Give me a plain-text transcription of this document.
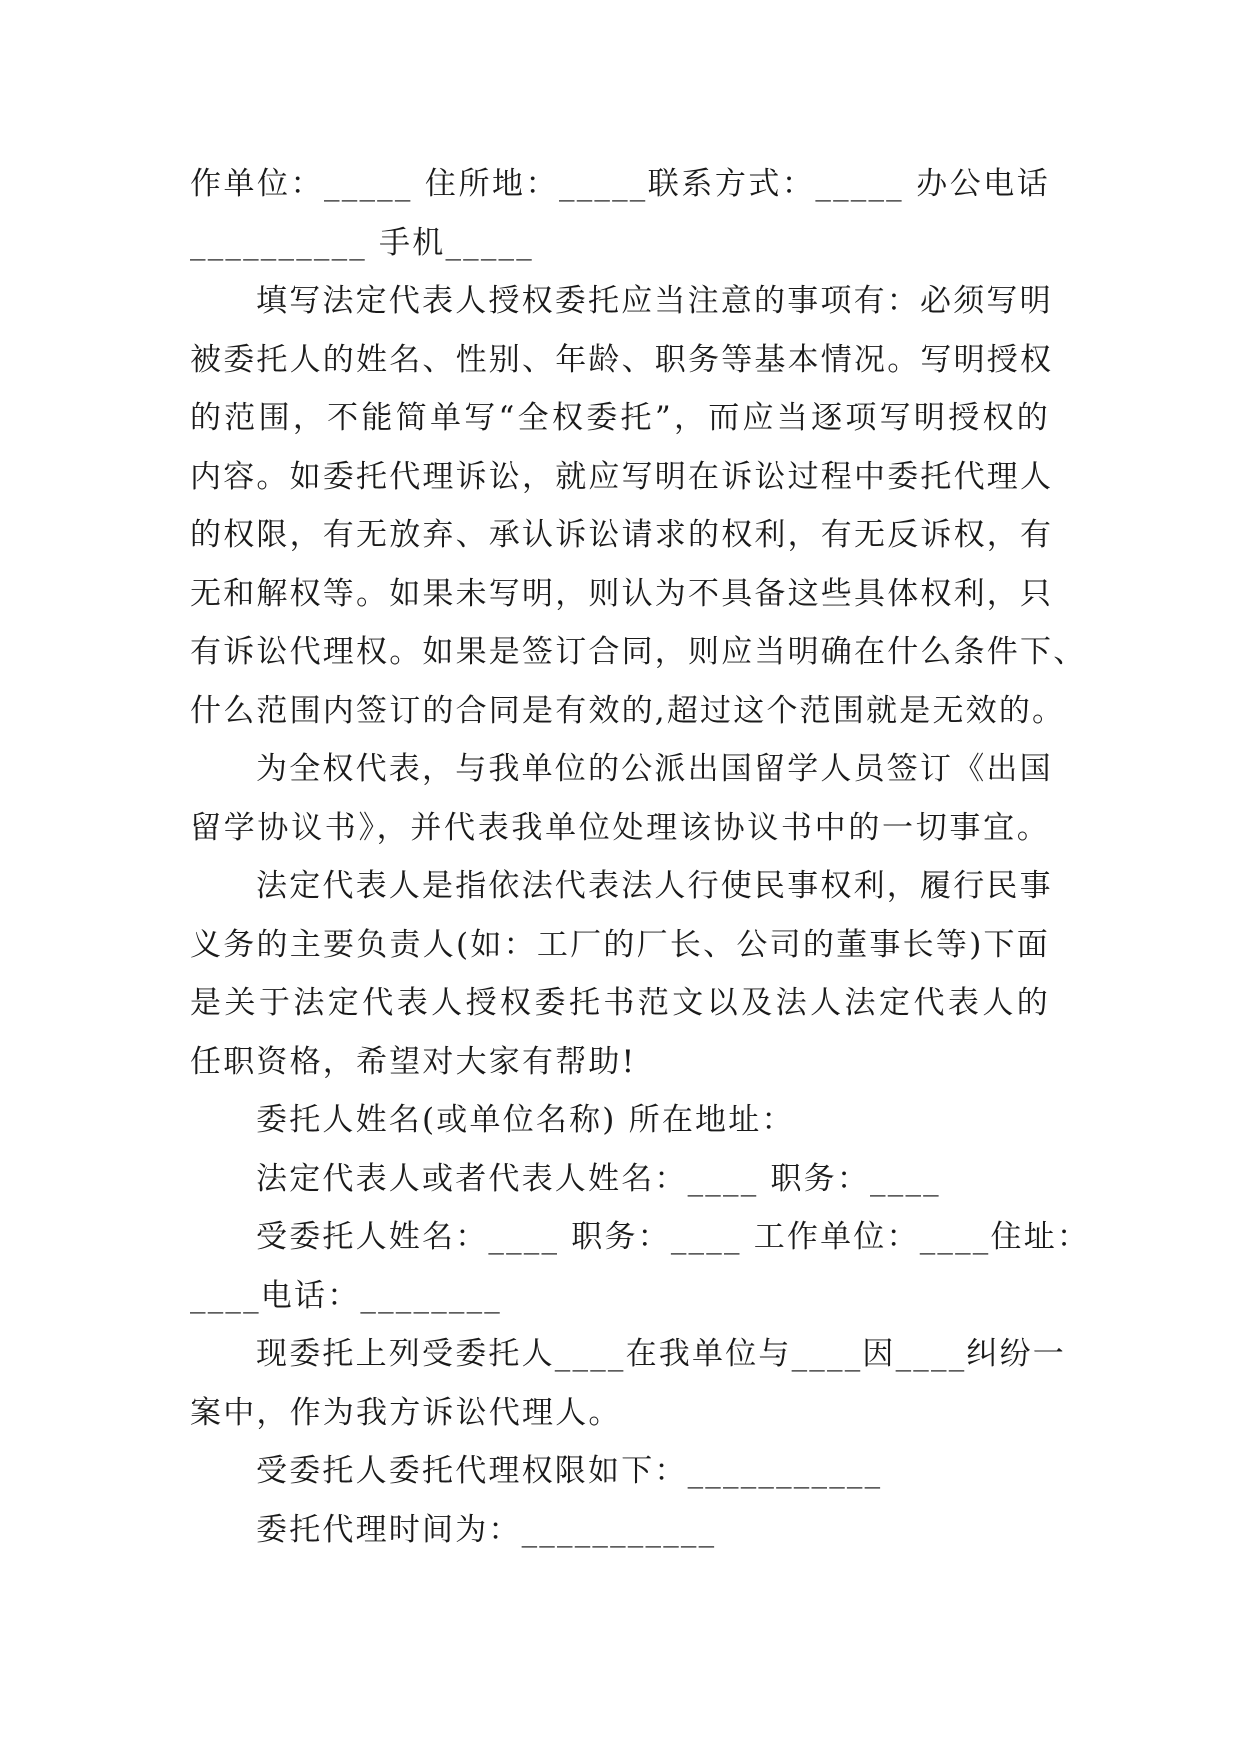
作单位：_____ 住所地：_____联系方式：_____ 办公电话
__________ 手机_____
填写法定代表人授权委托应当注意的事项有：必须写明
被委托人的姓名、性别、年龄、职务等基本情况。写明授权
的范围，不能简单写“全权委托”，而应当逐项写明授权的
内容。如委托代理诉讼，就应写明在诉讼过程中委托代理人
的权限，有无放弃、承认诉讼请求的权利，有无反诉权，有
无和解权等。如果未写明，则认为不具备这些具体权利，只
有诉讼代理权。如果是签订合同，则应当明确在什么条件下、
什么范围内签订的合同是有效的,超过这个范围就是无效的。
为全权代表，与我单位的公派出国留学人员签订《出国
留学协议书》，并代表我单位处理该协议书中的一切事宜。
法定代表人是指依法代表法人行使民事权利，履行民事
义务的主要负责人(如：工厂的厂长、公司的董事长等)下面
是关于法定代表人授权委托书范文以及法人法定代表人的
任职资格，希望对大家有帮助!
委托人姓名(或单位名称) 所在地址：
法定代表人或者代表人姓名：____ 职务：____
受委托人姓名：____ 职务：____ 工作单位：____住址：
____电话：________
现委托上列受委托人____在我单位与____因____纠纷一
案中，作为我方诉讼代理人。
受委托人委托代理权限如下：___________
委托代理时间为：___________
